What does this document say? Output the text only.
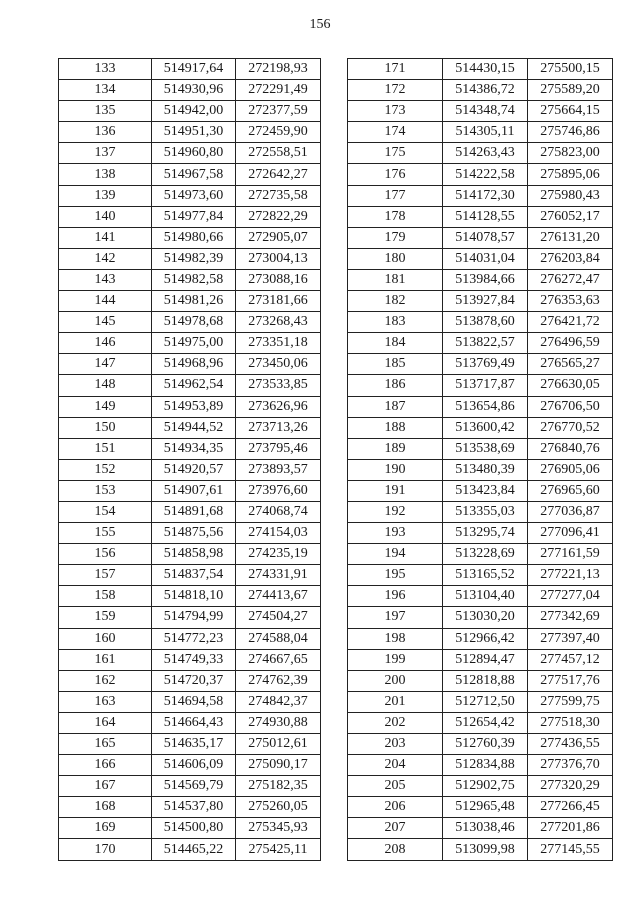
156
133	514917,64	272198,93
134	514930,96	272291,49
135	514942,00	272377,59
136	514951,30	272459,90
137	514960,80	272558,51
138	514967,58	272642,27
139	514973,60	272735,58
140	514977,84	272822,29
141	514980,66	272905,07
142	514982,39	273004,13
143	514982,58	273088,16
144	514981,26	273181,66
145	514978,68	273268,43
146	514975,00	273351,18
147	514968,96	273450,06
148	514962,54	273533,85
149	514953,89	273626,96
150	514944,52	273713,26
151	514934,35	273795,46
152	514920,57	273893,57
153	514907,61	273976,60
154	514891,68	274068,74
155	514875,56	274154,03
156	514858,98	274235,19
157	514837,54	274331,91
158	514818,10	274413,67
159	514794,99	274504,27
160	514772,23	274588,04
161	514749,33	274667,65
162	514720,37	274762,39
163	514694,58	274842,37
164	514664,43	274930,88
165	514635,17	275012,61
166	514606,09	275090,17
167	514569,79	275182,35
168	514537,80	275260,05
169	514500,80	275345,93
170	514465,22	275425,11
171	514430,15	275500,15
172	514386,72	275589,20
173	514348,74	275664,15
174	514305,11	275746,86
175	514263,43	275823,00
176	514222,58	275895,06
177	514172,30	275980,43
178	514128,55	276052,17
179	514078,57	276131,20
180	514031,04	276203,84
181	513984,66	276272,47
182	513927,84	276353,63
183	513878,60	276421,72
184	513822,57	276496,59
185	513769,49	276565,27
186	513717,87	276630,05
187	513654,86	276706,50
188	513600,42	276770,52
189	513538,69	276840,76
190	513480,39	276905,06
191	513423,84	276965,60
192	513355,03	277036,87
193	513295,74	277096,41
194	513228,69	277161,59
195	513165,52	277221,13
196	513104,40	277277,04
197	513030,20	277342,69
198	512966,42	277397,40
199	512894,47	277457,12
200	512818,88	277517,76
201	512712,50	277599,75
202	512654,42	277518,30
203	512760,39	277436,55
204	512834,88	277376,70
205	512902,75	277320,29
206	512965,48	277266,45
207	513038,46	277201,86
208	513099,98	277145,55
